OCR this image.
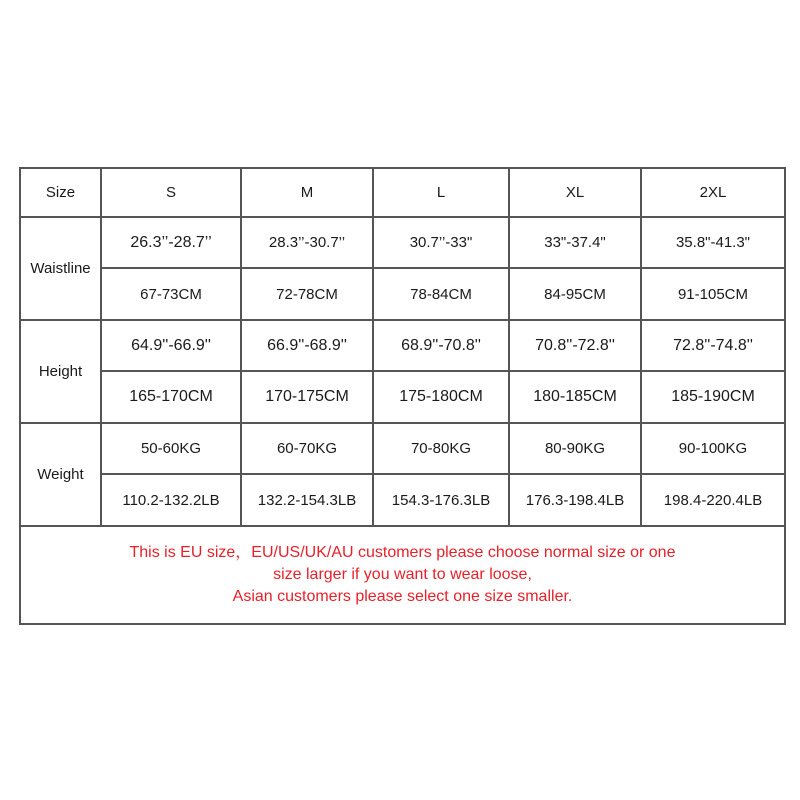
Size	S	M	L	XL	2XL
Waistline	26.3’’-28.7’’	28.3’’-30.7’’	30.7’’-33"	33"-37.4"	35.8"-41.3"
	67-73CM	72-78CM	78-84CM	84-95CM	91-105CM
Height	64.9''-66.9''	66.9''-68.9''	68.9''-70.8''	70.8''-72.8''	72.8''-74.8''
	165-170CM	170-175CM	175-180CM	180-185CM	185-190CM
Weight	50-60KG	60-70KG	70-80KG	80-90KG	90-100KG
	110.2-132.2LB	132.2-154.3LB	154.3-176.3LB	176.3-198.4LB	198.4-220.4LB

This is EU size，EU/US/UK/AU customers please choose normal size or one
size larger if you want to wear loose,
Asian customers please select one size smaller.					
